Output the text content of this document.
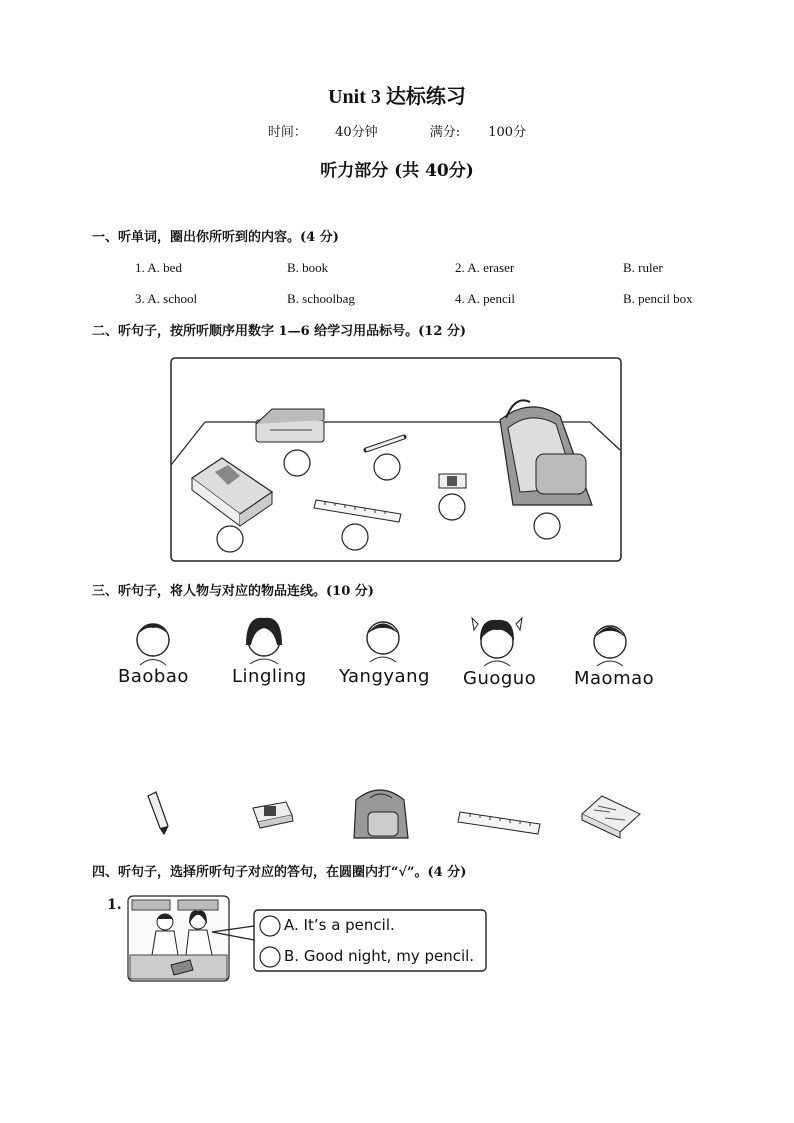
Unit 3 达标练习
时间： 40分钟	满分: 100分
听力部分 (共 40分)
一、听单词，圈出你所听到的内容。(4 分)
1. A. bed	B. book	2. A. eraser	B. ruler
3. A. school	B. schoolbag	4. A. pencil	B. pencil box
二、听句子，按所听顺序用数字 1—6 给学习用品标号。(12 分)
三、听句子，将人物与对应的物品连线。(10 分)
Baobao Lingling Yangyang Guoguo Maomao
四、听句子，选择所听句子对应的答句，在圆圈内打“√”。(4 分)
1.
A. It’s a pencil.
B. Good night, my pencil.
